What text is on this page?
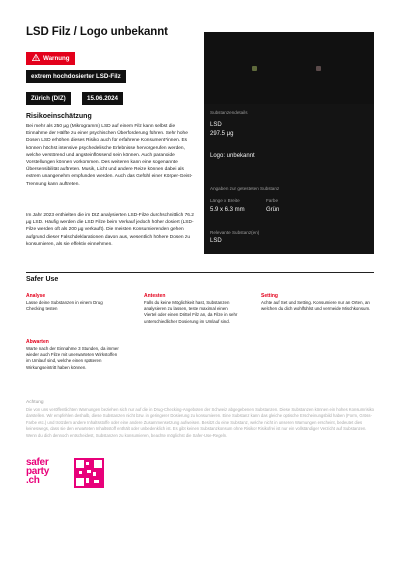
LSD Filz / Logo unbekannt
Warnung
extrem hochdosierter LSD-Filz
Zürich (DIZ)	15.06.2024
Substanzendetails
LSD
297.5 µg
Logo: unbekannt
Angaben zur getesteten Substanz
Länge x Breite	Farbe
5.9 x 6.3 mm	Grün
Relevante Substanz(en)
LSD
Risikoeinschätzung
Bei mehr als 250 µg (Mikrogramm) LSD auf einem Filz kann selbst die Einnahme der Hälfte zu einer psychischen Überforderung führen. Sehr hohe Dosen LSD erhöhen dieses Risiko auch für erfahrene Konsument*innen. Es können höchst intensive psychedelische Erlebnisse hervorgerufen werden, welche verstörend und angsteinflössend sein können. Auch paranoide Vorstellungen können vorkommen. Des weiteren kann eine sogenannte Übersensibilität auftreten. Musik, Licht und andere Reize können dabei als extrem unangenehm empfunden werden. Auch das Gefühl einer Körper-Geist-Trennung kann auftreten.
Im Jahr 2023 enthielten die im DIZ analysierten LSD-Filze durchschnittlich 76.2 µg LSD. Häufig werden die LSD Filze beim Verkauf jedoch höher dosiert (LSD-Filze werden oft als 200 µg verkauft). Die meisten Konsumierenden gehen aufgrund dieser Falschdeklarationen davon aus, wesentlich höhere Dosen zu konsumieren, als sie effektiv einnehmen.
Safer Use
Analyse
Lasse deine Substanzen in einem Drug Checking testen
Antesten
Falls du keine Möglichkeit hast, Substanzen analysieren zu lassen, teste maximal einen Viertel oder einen Drittel Filz an, da Filze in sehr unterschiedlicher Dosierung im Umlauf sind.
Setting
Achte auf Set und Setting. Konsumiere nur an Orten, an welchen du dich wohlfühlst und vermeide Mischkonsum.
Abwarten
Warte nach der Einnahme 3 Stunden, da immer wieder auch Filze mit unerwarteten Wirkstoffen im Umlauf sind, welche einen späteren Wirkungseintritt haben können.
Achtung
Die von uns veröffentlichten Warnungen beziehen sich nur auf die in Drug-Checking-Angeboten der Schweiz abgegebenen Substanzen. Diese Substanzen können ein hohes Konsumrisiko darstellen. Wir empfehlen deshalb, diese Substanzen nicht bzw. in geringerer Dosierung zu konsumieren. Eine Substanz kann das gleiche optische Erscheinungsbild haben (Form, Gröss-Farbe etc.) und trotzdem andere Inhaltsstoffe oder eine andere Zusammensetzung aufweisen. Besitzt du eine Substanz, welche nicht in unseren Warnungen erscheint, bedeutet dies keineswegs, dass sie den erwarteten Inhaltsstoff enthält oder unbedenklich ist. Es gibt keinen Substanzkonsum ohne Risiko! Risikofrei ist nur ein vollständiger Verzicht auf Substanzen. Wenn du dich dennoch entscheidest, Substanzen zu konsumieren, beachte möglichst die Safer-Use-Regeln.
safer
party
.ch
